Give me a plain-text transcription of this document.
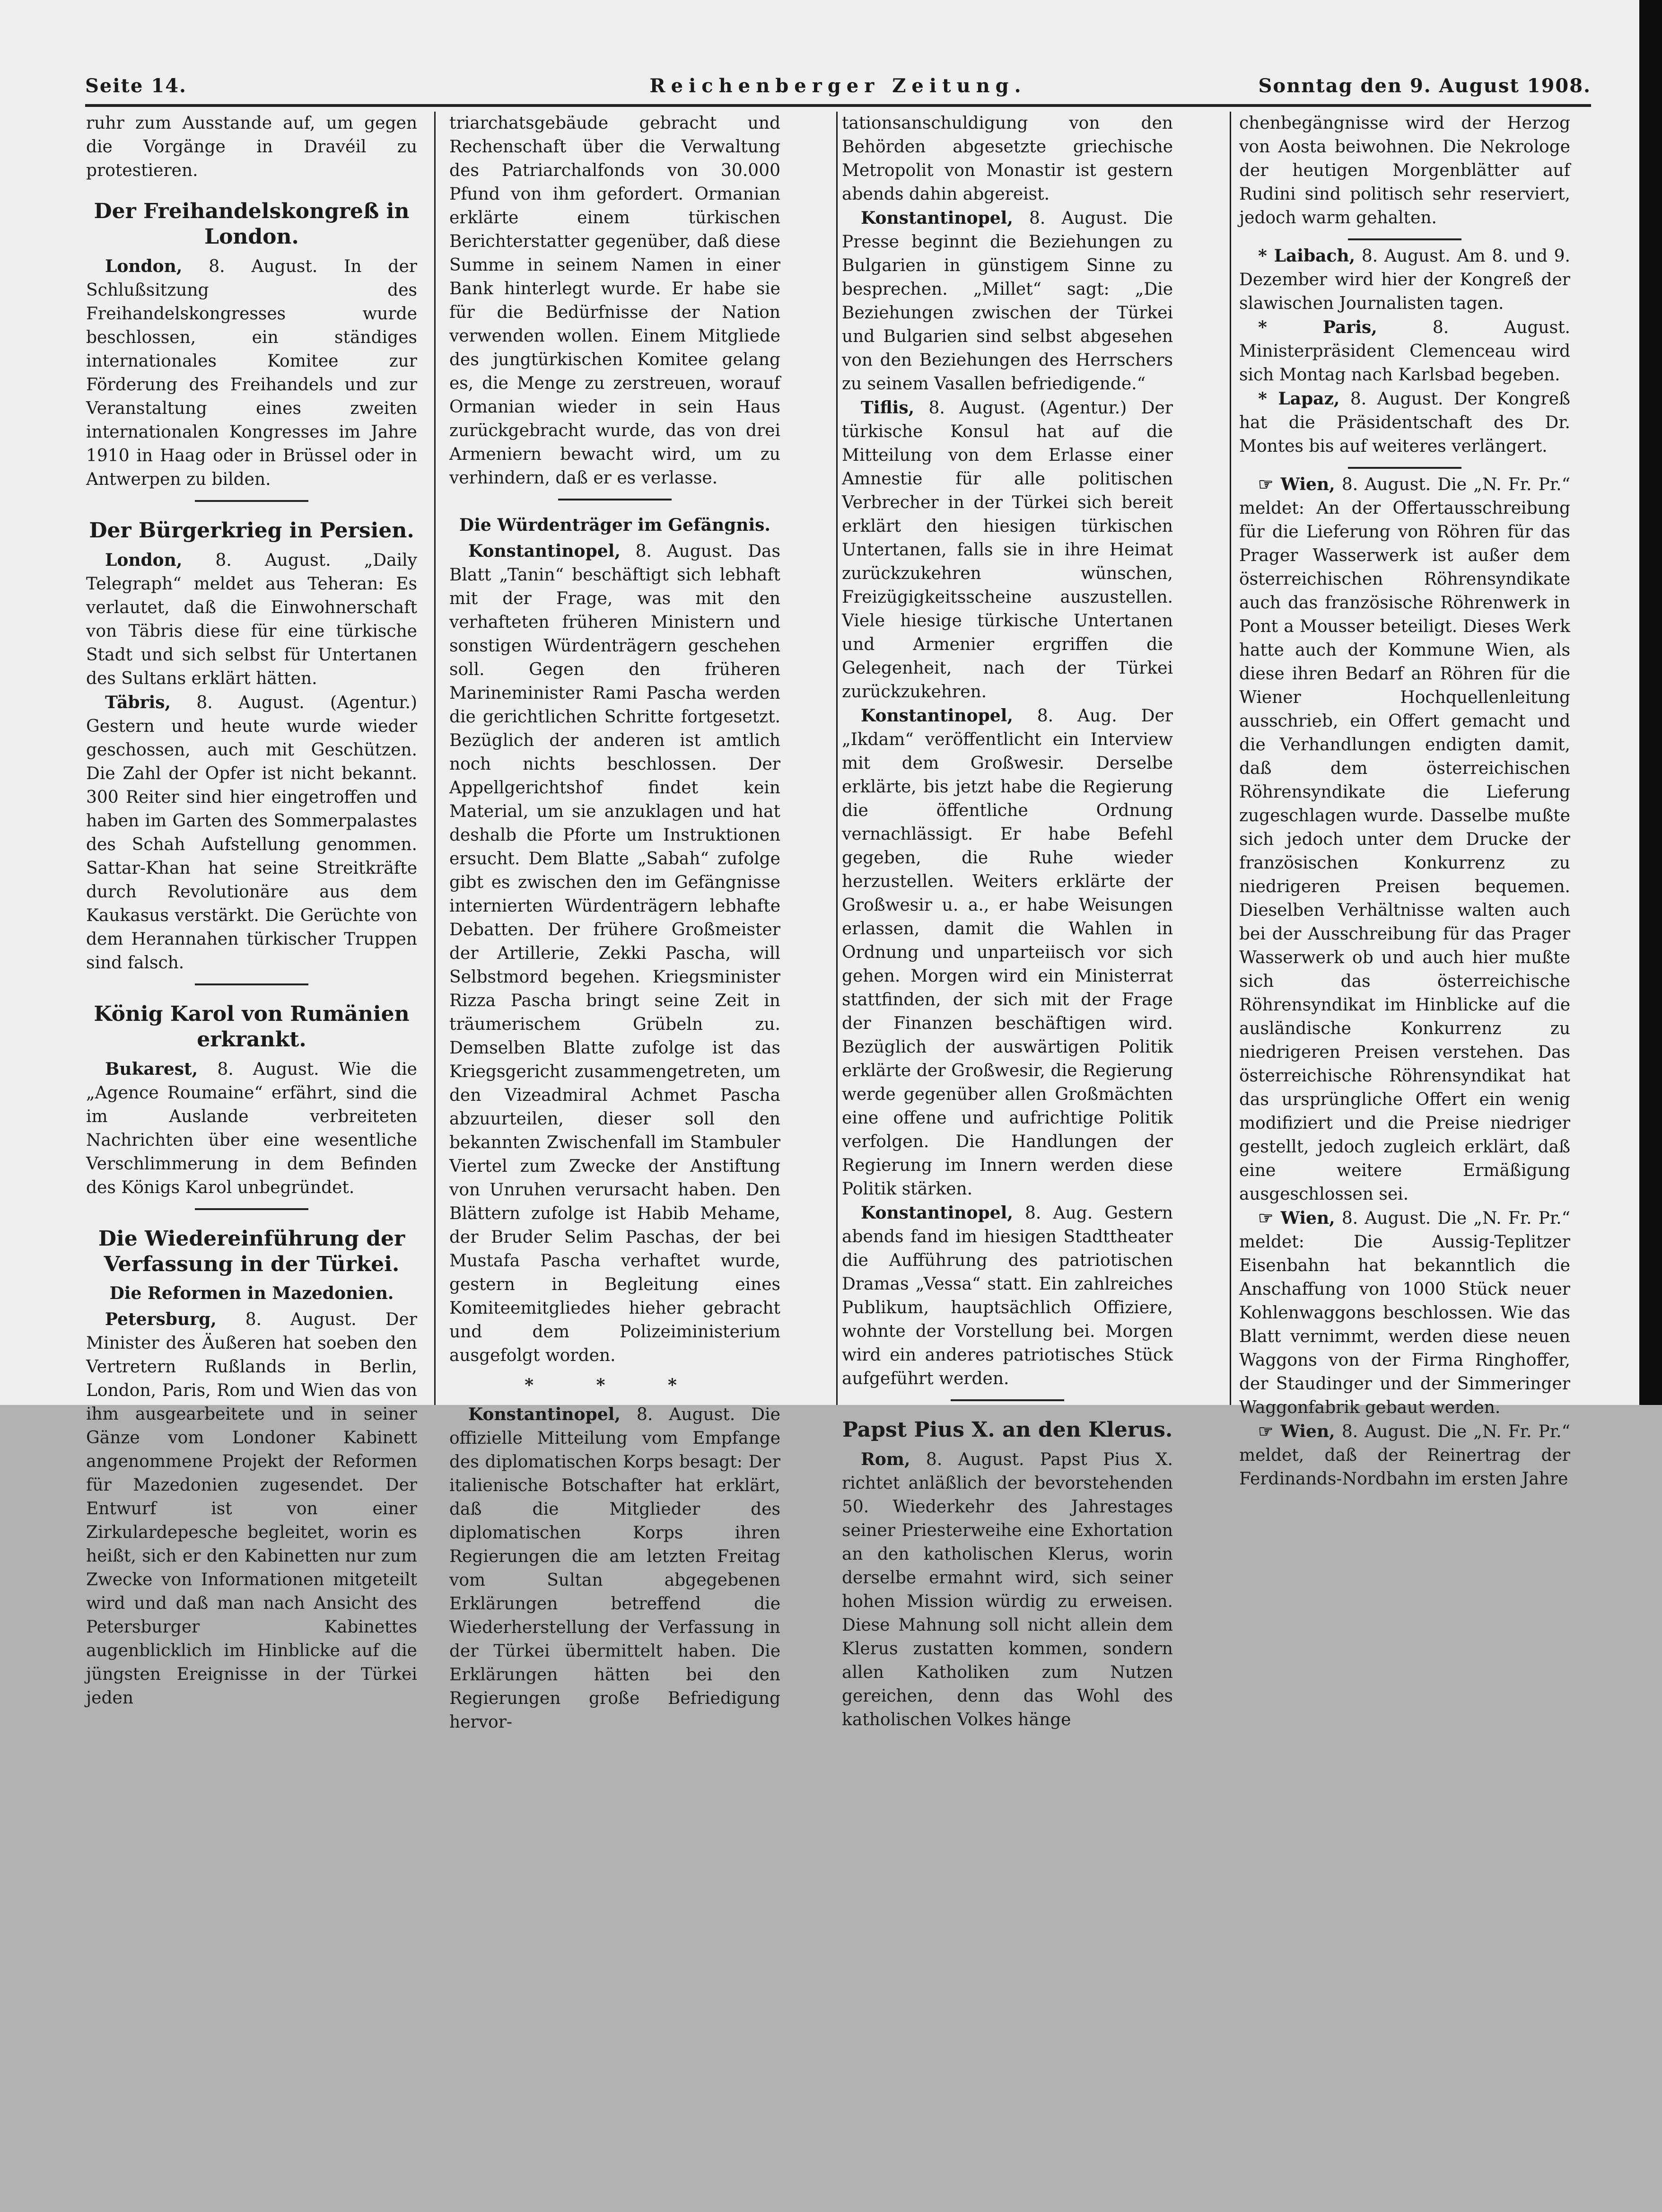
Seite 14.	Reichenberger Zeitung.	Sonntag den 9. August 1908.

ruhr zum Ausstande auf, um gegen die Vorgänge in Dravéil zu protestieren.

Der Freihandelskongreß in London.

London, 8. August. In der Schlußsitzung des Freihandelskongresses wurde beschlossen, ein ständiges internationales Komitee zur Förderung des Freihandels und zur Veranstaltung eines zweiten internationalen Kongresses im Jahre 1910 in Haag oder in Brüssel oder in Antwerpen zu bilden.

Der Bürgerkrieg in Persien.

London, 8. August. „Daily Telegraph“ meldet aus Teheran: Es verlautet, daß die Einwohnerschaft von Täbris diese für eine türkische Stadt und sich selbst für Untertanen des Sultans erklärt hätten.

Täbris, 8. August. (Agentur.) Gestern und heute wurde wieder geschossen, auch mit Geschützen. Die Zahl der Opfer ist nicht bekannt. 300 Reiter sind hier eingetroffen und haben im Garten des Sommerpalastes des Schah Aufstellung genommen. Sattar-Khan hat seine Streitkräfte durch Revolutionäre aus dem Kaukasus verstärkt. Die Gerüchte von dem Herannahen türkischer Truppen sind falsch.

König Karol von Rumänien erkrankt.

Bukarest, 8. August. Wie die „Agence Roumaine“ erfährt, sind die im Auslande verbreiteten Nachrichten über eine wesentliche Verschlimmerung in dem Befinden des Königs Karol unbegründet.

Die Wiedereinführung der Verfassung in der Türkei.
Die Reformen in Mazedonien.

Petersburg, 8. August. Der Minister des Äußeren hat soeben den Vertretern Rußlands in Berlin, London, Paris, Rom und Wien das von ihm ausgearbeitete und in seiner Gänze vom Londoner Kabinett angenommene Projekt der Reformen für Mazedonien zugesendet. Der Entwurf ist von einer Zirkulardepesche begleitet, worin es heißt, sich er den Kabinetten nur zum Zwecke von Informationen mitgeteilt wird und daß man nach Ansicht des Petersburger Kabinettes augenblicklich im Hinblicke auf die jüngsten Ereignisse in der Türkei jeden

triarchatsgebäude gebracht und Rechenschaft über die Verwaltung des Patriarchalfonds von 30.000 Pfund von ihm gefordert. Ormanian erklärte einem türkischen Berichterstatter gegenüber, daß diese Summe in seinem Namen in einer Bank hinterlegt wurde. Er habe sie für die Bedürfnisse der Nation verwenden wollen. Einem Mitgliede des jungtürkischen Komitee gelang es, die Menge zu zerstreuen, worauf Ormanian wieder in sein Haus zurückgebracht wurde, das von drei Armeniern bewacht wird, um zu verhindern, daß er es verlasse.

Die Würdenträger im Gefängnis.

Konstantinopel, 8. August. Das Blatt „Tanin“ beschäftigt sich lebhaft mit der Frage, was mit den verhafteten früheren Ministern und sonstigen Würdenträgern geschehen soll. Gegen den früheren Marineminister Rami Pascha werden die gerichtlichen Schritte fortgesetzt. Bezüglich der anderen ist amtlich noch nichts beschlossen. Der Appellgerichtshof findet kein Material, um sie anzuklagen und hat deshalb die Pforte um Instruktionen ersucht. Dem Blatte „Sabah“ zufolge gibt es zwischen den im Gefängnisse internierten Würdenträgern lebhafte Debatten. Der frühere Großmeister der Artillerie, Zekki Pascha, will Selbstmord begehen. Kriegsminister Rizza Pascha bringt seine Zeit in träumerischem Grübeln zu. Demselben Blatte zufolge ist das Kriegsgericht zusammengetreten, um den Vizeadmiral Achmet Pascha abzuurteilen, dieser soll den bekannten Zwischenfall im Stambuler Viertel zum Zwecke der Anstiftung von Unruhen verursacht haben. Den Blättern zufolge ist Habib Mehame, der Bruder Selim Paschas, der bei Mustafa Pascha verhaftet wurde, gestern in Begleitung eines Komiteemitgliedes hieher gebracht und dem Polizeiministerium ausgefolgt worden.

* * *

Konstantinopel, 8. August. Die offizielle Mitteilung vom Empfange des diplomatischen Korps besagt: Der italienische Botschafter hat erklärt, daß die Mitglieder des diplomatischen Korps ihren Regierungen die am letzten Freitag vom Sultan abgegebenen Erklärungen betreffend die Wiederherstellung der Verfassung in der Türkei übermittelt haben. Die Erklärungen hätten bei den Regierungen große Befriedigung hervor-

tationsanschuldigung von den Behörden abgesetzte griechische Metropolit von Monastir ist gestern abends dahin abgereist.

Konstantinopel, 8. August. Die Presse beginnt die Beziehungen zu Bulgarien in günstigem Sinne zu besprechen. „Millet“ sagt: „Die Beziehungen zwischen der Türkei und Bulgarien sind selbst abgesehen von den Beziehungen des Herrschers zu seinem Vasallen befriedigende.“

Tiflis, 8. August. (Agentur.) Der türkische Konsul hat auf die Mitteilung von dem Erlasse einer Amnestie für alle politischen Verbrecher in der Türkei sich bereit erklärt den hiesigen türkischen Untertanen, falls sie in ihre Heimat zurückzukehren wünschen, Freizügigkeitsscheine auszustellen. Viele hiesige türkische Untertanen und Armenier ergriffen die Gelegenheit, nach der Türkei zurückzukehren.

Konstantinopel, 8. Aug. Der „Ikdam“ veröffentlicht ein Interview mit dem Großwesir. Derselbe erklärte, bis jetzt habe die Regierung die öffentliche Ordnung vernachlässigt. Er habe Befehl gegeben, die Ruhe wieder herzustellen. Weiters erklärte der Großwesir u. a., er habe Weisungen erlassen, damit die Wahlen in Ordnung und unparteiisch vor sich gehen. Morgen wird ein Ministerrat stattfinden, der sich mit der Frage der Finanzen beschäftigen wird. Bezüglich der auswärtigen Politik erklärte der Großwesir, die Regierung werde gegenüber allen Großmächten eine offene und aufrichtige Politik verfolgen. Die Handlungen der Regierung im Innern werden diese Politik stärken.

Konstantinopel, 8. Aug. Gestern abends fand im hiesigen Stadttheater die Aufführung des patriotischen Dramas „Vessa“ statt. Ein zahlreiches Publikum, hauptsächlich Offiziere, wohnte der Vorstellung bei. Morgen wird ein anderes patriotisches Stück aufgeführt werden.

Papst Pius X. an den Klerus.

Rom, 8. August. Papst Pius X. richtet anläßlich der bevorstehenden 50. Wiederkehr des Jahrestages seiner Priesterweihe eine Exhortation an den katholischen Klerus, worin derselbe ermahnt wird, sich seiner hohen Mission würdig zu erweisen. Diese Mahnung soll nicht allein dem Klerus zustatten kommen, sondern allen Katholiken zum Nutzen gereichen, denn das Wohl des katholischen Volkes hänge

chenbegängnisse wird der Herzog von Aosta beiwohnen. Die Nekrologe der heutigen Morgenblätter auf Rudini sind politisch sehr reserviert, jedoch warm gehalten.

* Laibach, 8. August. Am 8. und 9. Dezember wird hier der Kongreß der slawischen Journalisten tagen.

* Paris, 8. August. Ministerpräsident Clemenceau wird sich Montag nach Karlsbad begeben.

* Lapaz, 8. August. Der Kongreß hat die Präsidentschaft des Dr. Montes bis auf weiteres verlängert.

☞ Wien, 8. August. Die „N. Fr. Pr.“ meldet: An der Offertausschreibung für die Lieferung von Röhren für das Prager Wasserwerk ist außer dem österreichischen Röhrensyndikate auch das französische Röhrenwerk in Pont a Mousser beteiligt. Dieses Werk hatte auch der Kommune Wien, als diese ihren Bedarf an Röhren für die Wiener Hochquellenleitung ausschrieb, ein Offert gemacht und die Verhandlungen endigten damit, daß dem österreichischen Röhrensyndikate die Lieferung zugeschlagen wurde. Dasselbe mußte sich jedoch unter dem Drucke der französischen Konkurrenz zu niedrigeren Preisen bequemen. Dieselben Verhältnisse walten auch bei der Ausschreibung für das Prager Wasserwerk ob und auch hier mußte sich das österreichische Röhrensyndikat im Hinblicke auf die ausländische Konkurrenz zu niedrigeren Preisen verstehen. Das österreichische Röhrensyndikat hat das ursprüngliche Offert ein wenig modifiziert und die Preise niedriger gestellt, jedoch zugleich erklärt, daß eine weitere Ermäßigung ausgeschlossen sei.

☞ Wien, 8. August. Die „N. Fr. Pr.“ meldet: Die Aussig-Teplitzer Eisenbahn hat bekanntlich die Anschaffung von 1000 Stück neuer Kohlenwaggons beschlossen. Wie das Blatt vernimmt, werden diese neuen Waggons von der Firma Ringhoffer, der Staudinger und der Simmeringer Waggonfabrik gebaut werden.

☞ Wien, 8. August. Die „N. Fr. Pr.“ meldet, daß der Reinertrag der Ferdinands-Nordbahn im ersten Jahre
